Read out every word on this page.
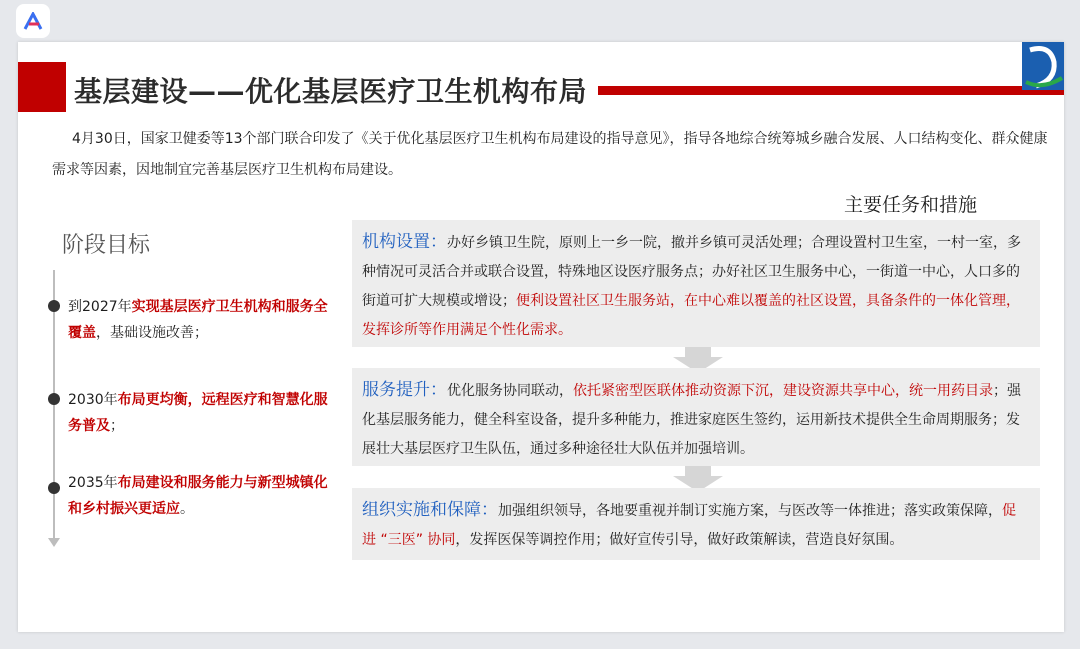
基层建设——优化基层医疗卫生机构布局

4月30日，国家卫健委等13个部门联合印发了《关于优化基层医疗卫生机构布局建设的指导意见》，指导各地综合统筹城乡融合发展、人口结构变化、群众健康需求等因素，因地制宜完善基层医疗卫生机构布局建设。

主要任务和措施
阶段目标
到2027年实现基层医疗卫生机构和服务全覆盖，基础设施改善；
2030年布局更均衡，远程医疗和智慧化服务普及；
2035年布局建设和服务能力与新型城镇化和乡村振兴更适应。
机构设置：办好乡镇卫生院，原则上一乡一院，撤并乡镇可灵活处理；合理设置村卫生室，一村一室，多种情况可灵活合并或联合设置，特殊地区设医疗服务点；办好社区卫生服务中心，一街道一中心，人口多的街道可扩大规模或增设；便利设置社区卫生服务站，在中心难以覆盖的社区设置，具备条件的一体化管理，发挥诊所等作用满足个性化需求。
服务提升：优化服务协同联动，依托紧密型医联体推动资源下沉，建设资源共享中心，统一用药目录；强化基层服务能力，健全科室设备，提升多种能力，推进家庭医生签约，运用新技术提供全生命周期服务；发展壮大基层医疗卫生队伍，通过多种途径壮大队伍并加强培训。
组织实施和保障：加强组织领导，各地要重视并制订实施方案，与医改等一体推进；落实政策保障，促进 “三医” 协同，发挥医保等调控作用；做好宣传引导，做好政策解读，营造良好氛围。
